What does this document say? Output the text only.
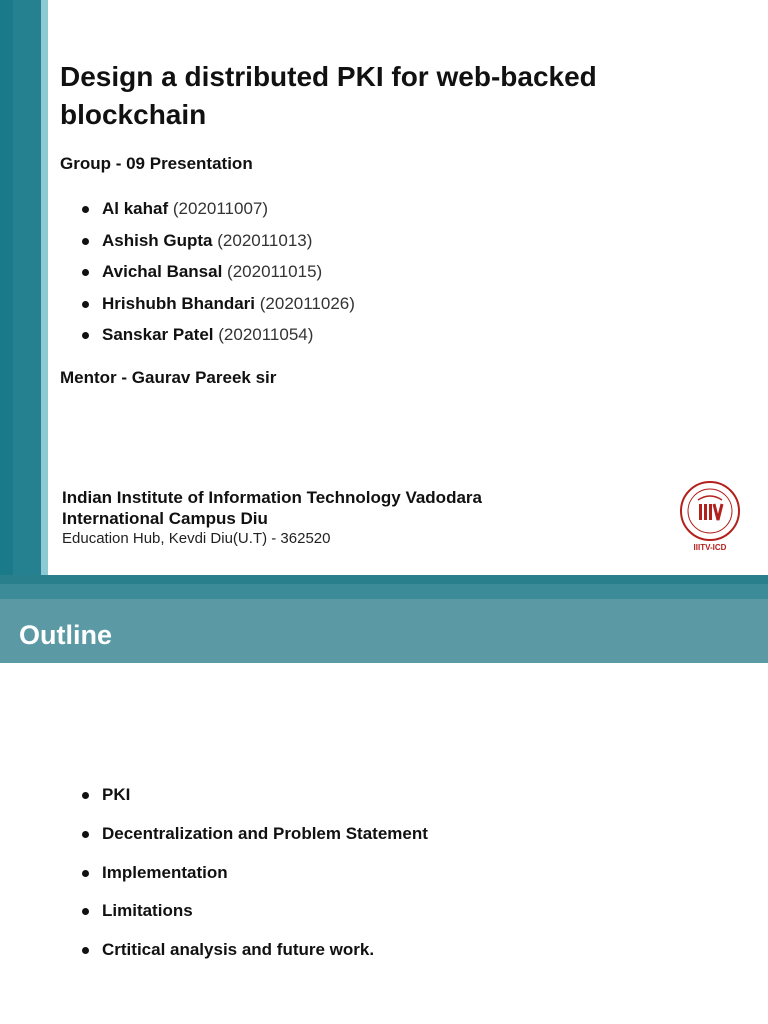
Design a distributed PKI for web-backed blockchain

Group - 09 Presentation

Al kahaf (202011007)
Ashish Gupta (202011013)
Avichal Bansal (202011015)
Hrishubh Bhandari (202011026)
Sanskar Patel (202011054)

Mentor - Gaurav Pareek sir

Indian Institute of Information Technology Vadodara
International Campus Diu
Education Hub, Kevdi Diu(U.T) - 362520
IIITV-ICD
Outline
PKI
Decentralization and Problem Statement
Implementation
Limitations
Crtitical analysis and future work.
